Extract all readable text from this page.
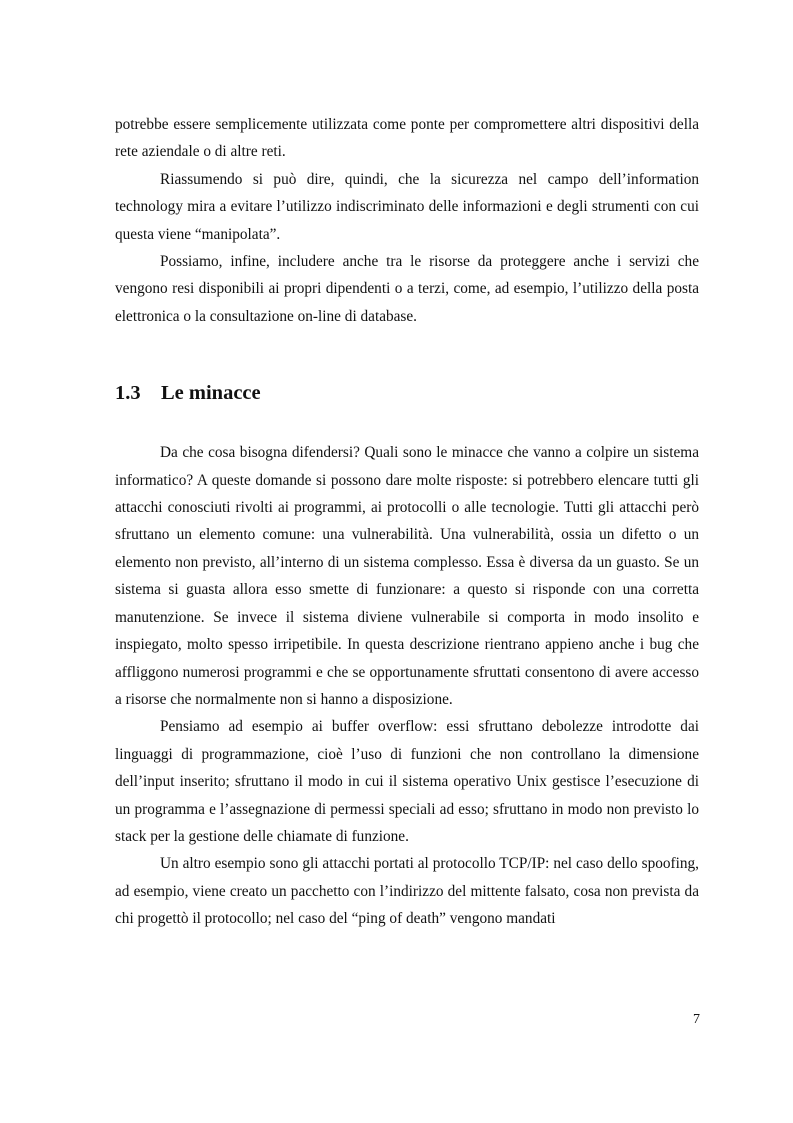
potrebbe essere semplicemente utilizzata come ponte per compromettere altri dispositivi della rete aziendale o di altre reti.

Riassumendo si può dire, quindi, che la sicurezza nel campo dell’information technology mira a evitare l’utilizzo indiscriminato delle informazioni e degli strumenti con cui questa viene “manipolata”.

Possiamo, infine, includere anche tra le risorse da proteggere anche i servizi che vengono resi disponibili ai propri dipendenti o a terzi, come, ad esempio, l’utilizzo della posta elettronica o la consultazione on-line di database.

1.3 Le minacce

Da che cosa bisogna difendersi? Quali sono le minacce che vanno a colpire un sistema informatico? A queste domande si possono dare molte risposte: si potrebbero elencare tutti gli attacchi conosciuti rivolti ai programmi, ai protocolli o alle tecnologie. Tutti gli attacchi però sfruttano un elemento comune: una vulnerabilità. Una vulnerabilità, ossia un difetto o un elemento non previsto, all’interno di un sistema complesso. Essa è diversa da un guasto. Se un sistema si guasta allora esso smette di funzionare: a questo si risponde con una corretta manutenzione. Se invece il sistema diviene vulnerabile si comporta in modo insolito e inspiegato, molto spesso irripetibile. In questa descrizione rientrano appieno anche i bug che affliggono numerosi programmi e che se opportunamente sfruttati consentono di avere accesso a risorse che normalmente non si hanno a disposizione.

Pensiamo ad esempio ai buffer overflow: essi sfruttano debolezze introdotte dai linguaggi di programmazione, cioè l’uso di funzioni che non controllano la dimensione dell’input inserito; sfruttano il modo in cui il sistema operativo Unix gestisce l’esecuzione di un programma e l’assegnazione di permessi speciali ad esso; sfruttano in modo non previsto lo stack per la gestione delle chiamate di funzione.

Un altro esempio sono gli attacchi portati al protocollo TCP/IP: nel caso dello spoofing, ad esempio, viene creato un pacchetto con l’indirizzo del mittente falsato, cosa non prevista da chi progettò il protocollo; nel caso del “ping of death” vengono mandati

7
